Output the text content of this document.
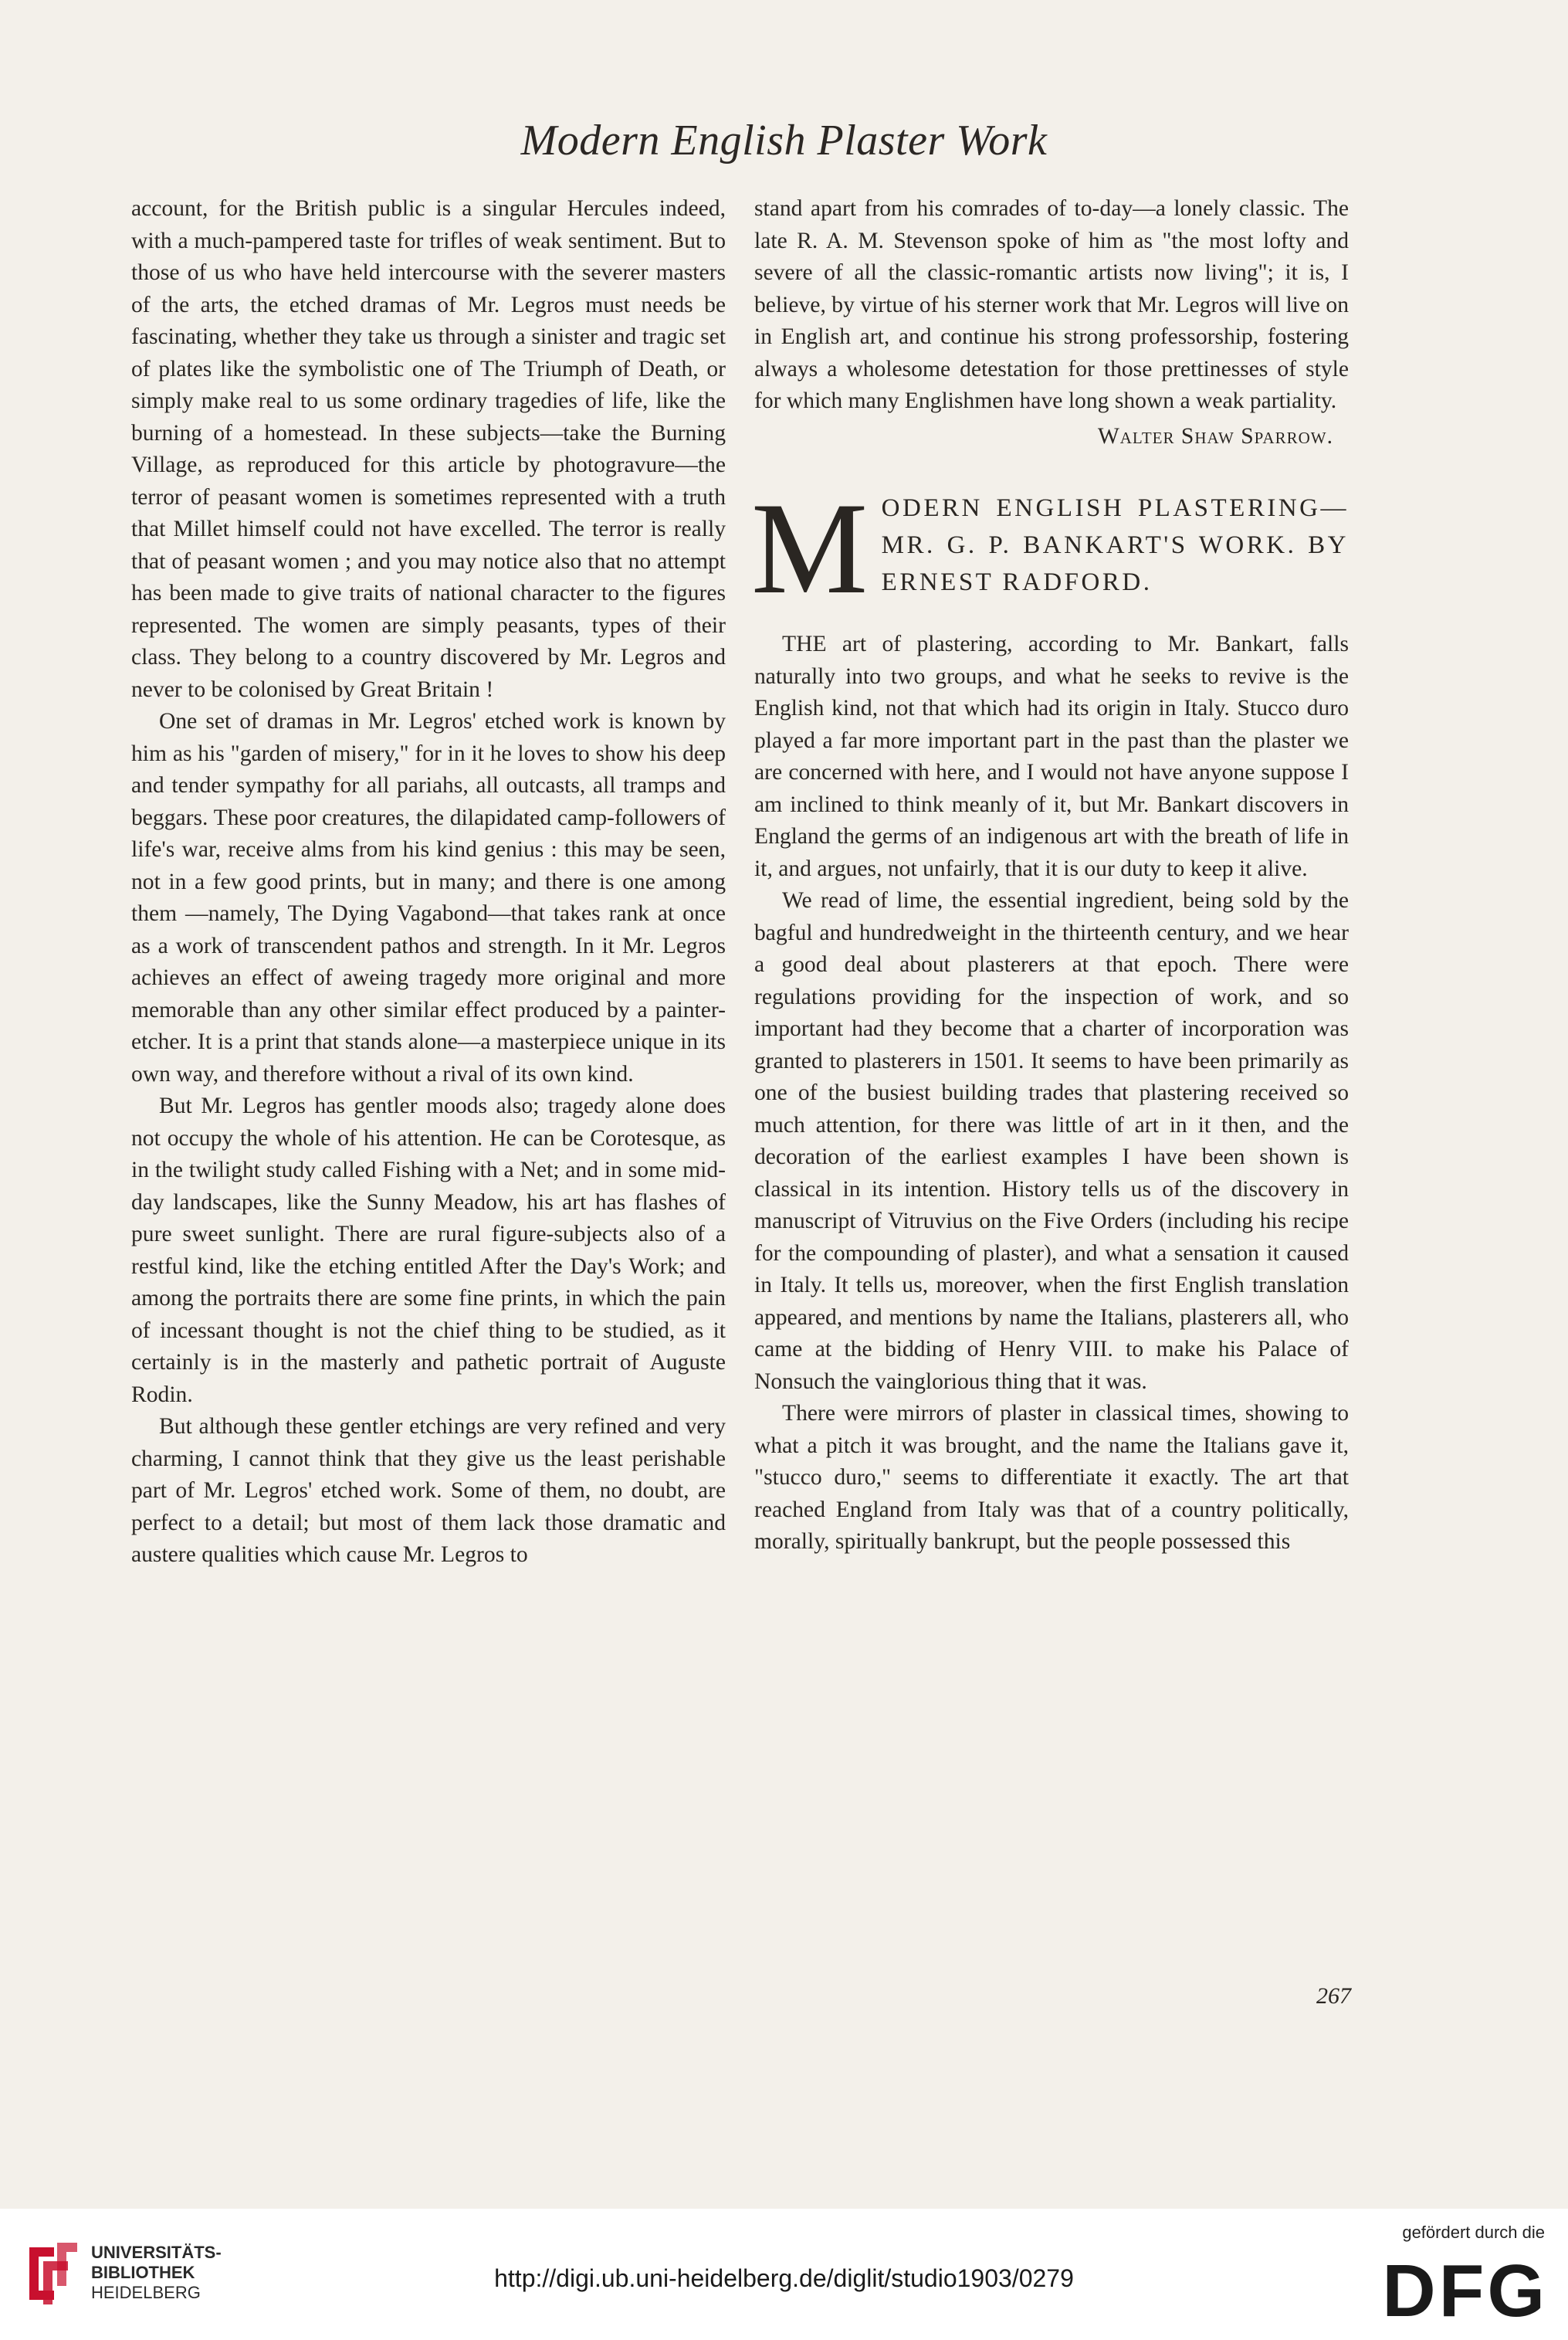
Modern English Plaster Work

account, for the British public is a singular Hercules indeed, with a much-pampered taste for trifles of weak sentiment. But to those of us who have held intercourse with the severer masters of the arts, the etched dramas of Mr. Legros must needs be fascinating, whether they take us through a sinister and tragic set of plates like the symbolistic one of The Triumph of Death, or simply make real to us some ordinary tragedies of life, like the burning of a homestead. In these subjects—take the Burning Village, as reproduced for this article by photogravure—the terror of peasant women is sometimes represented with a truth that Millet himself could not have excelled. The terror is really that of peasant women ; and you may notice also that no attempt has been made to give traits of national character to the figures represented. The women are simply peasants, types of their class. They belong to a country discovered by Mr. Legros and never to be colonised by Great Britain !

One set of dramas in Mr. Legros' etched work is known by him as his "garden of misery," for in it he loves to show his deep and tender sympathy for all pariahs, all outcasts, all tramps and beggars. These poor creatures, the dilapidated camp-followers of life's war, receive alms from his kind genius : this may be seen, not in a few good prints, but in many; and there is one among them —namely, The Dying Vagabond—that takes rank at once as a work of transcendent pathos and strength. In it Mr. Legros achieves an effect of aweing tragedy more original and more memorable than any other similar effect produced by a painter-etcher. It is a print that stands alone—a masterpiece unique in its own way, and therefore without a rival of its own kind.

But Mr. Legros has gentler moods also; tragedy alone does not occupy the whole of his attention. He can be Corotesque, as in the twilight study called Fishing with a Net; and in some mid-day landscapes, like the Sunny Meadow, his art has flashes of pure sweet sunlight. There are rural figure-subjects also of a restful kind, like the etching entitled After the Day's Work; and among the portraits there are some fine prints, in which the pain of incessant thought is not the chief thing to be studied, as it certainly is in the masterly and pathetic portrait of Auguste Rodin.

But although these gentler etchings are very refined and very charming, I cannot think that they give us the least perishable part of Mr. Legros' etched work. Some of them, no doubt, are perfect to a detail; but most of them lack those dramatic and austere qualities which cause Mr. Legros to

stand apart from his comrades of to-day—a lonely classic. The late R. A. M. Stevenson spoke of him as "the most lofty and severe of all the classic-romantic artists now living"; it is, I believe, by virtue of his sterner work that Mr. Legros will live on in English art, and continue his strong professorship, fostering always a wholesome detestation for those prettinesses of style for which many Englishmen have long shown a weak partiality.

Walter Shaw Sparrow.
MODERN ENGLISH PLASTERING—MR. G. P. BANKART'S WORK. BY ERNEST RADFORD.

THE art of plastering, according to Mr. Bankart, falls naturally into two groups, and what he seeks to revive is the English kind, not that which had its origin in Italy. Stucco duro played a far more important part in the past than the plaster we are concerned with here, and I would not have anyone suppose I am inclined to think meanly of it, but Mr. Bankart discovers in England the germs of an indigenous art with the breath of life in it, and argues, not unfairly, that it is our duty to keep it alive.

We read of lime, the essential ingredient, being sold by the bagful and hundredweight in the thirteenth century, and we hear a good deal about plasterers at that epoch. There were regulations providing for the inspection of work, and so important had they become that a charter of incorporation was granted to plasterers in 1501. It seems to have been primarily as one of the busiest building trades that plastering received so much attention, for there was little of art in it then, and the decoration of the earliest examples I have been shown is classical in its intention. History tells us of the discovery in manuscript of Vitruvius on the Five Orders (including his recipe for the compounding of plaster), and what a sensation it caused in Italy. It tells us, moreover, when the first English translation appeared, and mentions by name the Italians, plasterers all, who came at the bidding of Henry VIII. to make his Palace of Nonsuch the vainglorious thing that it was.

There were mirrors of plaster in classical times, showing to what a pitch it was brought, and the name the Italians gave it, "stucco duro," seems to differentiate it exactly. The art that reached England from Italy was that of a country politically, morally, spiritually bankrupt, but the people possessed this

267
UNIVERSITÄTS-
BIBLIOTHEK
HEIDELBERG
http://digi.ub.uni-heidelberg.de/diglit/studio1903/0279
gefördert durch die
DFG
